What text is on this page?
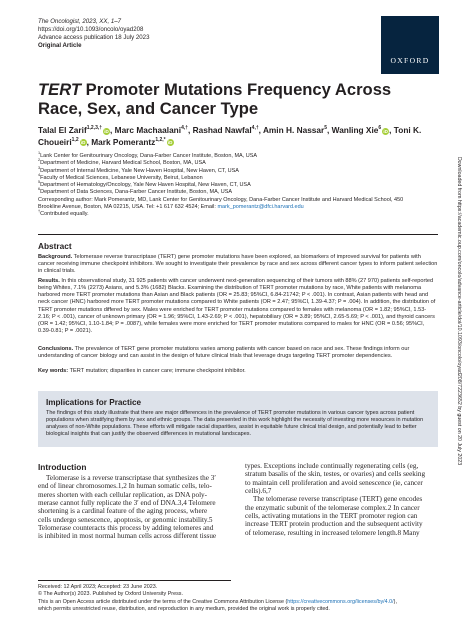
The Oncologist, 2023, XX, 1–7
https://doi.org/10.1093/oncolo/oyad208
Advance access publication 18 July 2023
Original Article
OXFORD
TERT Promoter Mutations Frequency Across Race, Sex, and Cancer Type
Talal El Zarif$^{1,2,3,\dagger}$ iD, Marc Machaalani$^{4,\dagger}$, Rashad Nawfal$^{4,\dagger}$, Amin H. Nassar$^5$, Wanling Xie$^6$ iD, Toni K. Choueiri$^{1,2}$ iD, Mark Pomerantz$^{1,2,*}$ iD
$^1$Lank Center for Genitourinary Oncology, Dana-Farber Cancer Institute, Boston, MA, USA
$^2$Department of Medicine, Harvard Medical School, Boston, MA, USA
$^3$Department of Internal Medicine, Yale New Haven Hospital, New Haven, CT, USA
$^4$Faculty of Medical Sciences, Lebanese University, Beirut, Lebanon
$^5$Department of Hematology/Oncology, Yale New Haven Hospital, New Haven, CT, USA
$^6$Department of Data Sciences, Dana-Farber Cancer Institute, Boston, MA, USA
Corresponding author: Mark Pomerantz, MD, Lank Center for Genitourinary Oncology, Dana-Farber Cancer Institute and Harvard Medical School, 450
Brookline Avenue, Boston, MA 02215, USA. Tel: +1 617 632 4524; Email: mark_pomerantz@dfci.harvard.edu
†Contributed equally.
Abstract
Background. Telomerase reverse transcriptase (TERT) gene promoter mutations have been explored, as biomarkers of improved survival for patients with cancer receiving immune checkpoint inhibitors. We sought to investigate their prevalence by race and sex across different cancer types to inform patient selection in clinical trials.
Results. In this observational study, 31 925 patients with cancer underwent next-generation sequencing of their tumors with 88% (27 970) patients self-reported being Whites, 7.1% (2273) Asians, and 5.3% (1682) Blacks. Examining the distribution of TERT promoter mutations by race, White patients with melanoma harbored more TERT promoter mutations than Asian and Black patients (OR = 25.83; 95%CI, 6.84-21742; P < .001). In contrast, Asian patients with head and neck cancer (HNC) harbored more TERT promoter mutations compared to White patients (OR = 2.47; 95%CI, 1.39-4.37; P = .004). In addition, the distribution of TERT promoter mutations differed by sex. Males were enriched for TERT promoter mutations compared to females with melanoma (OR = 1.82; 95%CI, 1.53-2.16; P < .001), cancer of unknown primary (OR = 1.96; 95%CI, 1.43-2.69; P < .001), hepatobiliary (OR = 3.89; 95%CI, 2.65-5.69; P < .001), and thyroid cancers (OR = 1.42; 95%CI, 1.10-1.84; P = .0087), while females were more enriched for TERT promoter mutations compared to males for HNC (OR = 0.56; 95%CI, 0.39-0.81; P = .0021).
Conclusions. The prevalence of TERT gene promoter mutations varies among patients with cancer based on race and sex. These findings inform our understanding of cancer biology and can assist in the design of future clinical trials that leverage drugs targeting TERT promoter dependencies.
Key words: TERT mutation; disparities in cancer care; immune checkpoint inhibitor.
Implications for Practice
The findings of this study illustrate that there are major differences in the prevalence of TERT promoter mutations in various cancer types across patient populations when stratifying them by sex and ethnic groups. The data presented in this work highlight the necessity of investing more resources in mutation analyses of non-White populations. These efforts will mitigate racial disparities, assist in equitable future clinical trial design, and potentially lead to better biological insights that can justify the observed differences in mutational landscapes.
Introduction
Telomerase is a reverse transcriptase that synthesizes the 3′
end of linear chromosomes.1,2 In human somatic cells, telo-
meres shorten with each cellular replication, as DNA poly-
merase cannot fully replicate the 3′ end of DNA.3,4 Telomere
shortening is a cardinal feature of the aging process, where
cells undergo senescence, apoptosis, or genomic instability.5
Telomerase counteracts this process by adding telomeres and
is inhibited in most normal human cells across different tissue
types. Exceptions include continually regenerating cells (eg,
stratum basalis of the skin, testes, or ovaries) and cells seeking
to maintain cell proliferation and avoid senescence (ie, cancer
cells).6,7
The telomerase reverse transcriptase (TERT) gene encodes
the enzymatic subunit of the telomerase complex.2 In cancer
cells, activating mutations in the TERT promoter region can
increase TERT protein production and the subsequent activity
of telomerase, resulting in increased telomere length.8 Many
Received: 12 April 2023; Accepted: 23 June 2023.
© The Author(s) 2023. Published by Oxford University Press.
This is an Open Access article distributed under the terms of the Creative Commons Attribution License (https://creativecommons.org/licenses/by/4.0/),
which permits unrestricted reuse, distribution, and reproduction in any medium, provided the original work is properly cited.
Downloaded from https://academic.oup.com/oncolo/advance-article/doi/10.1093/oncolo/oyad208/7223652 by guest on 20 July 2023
